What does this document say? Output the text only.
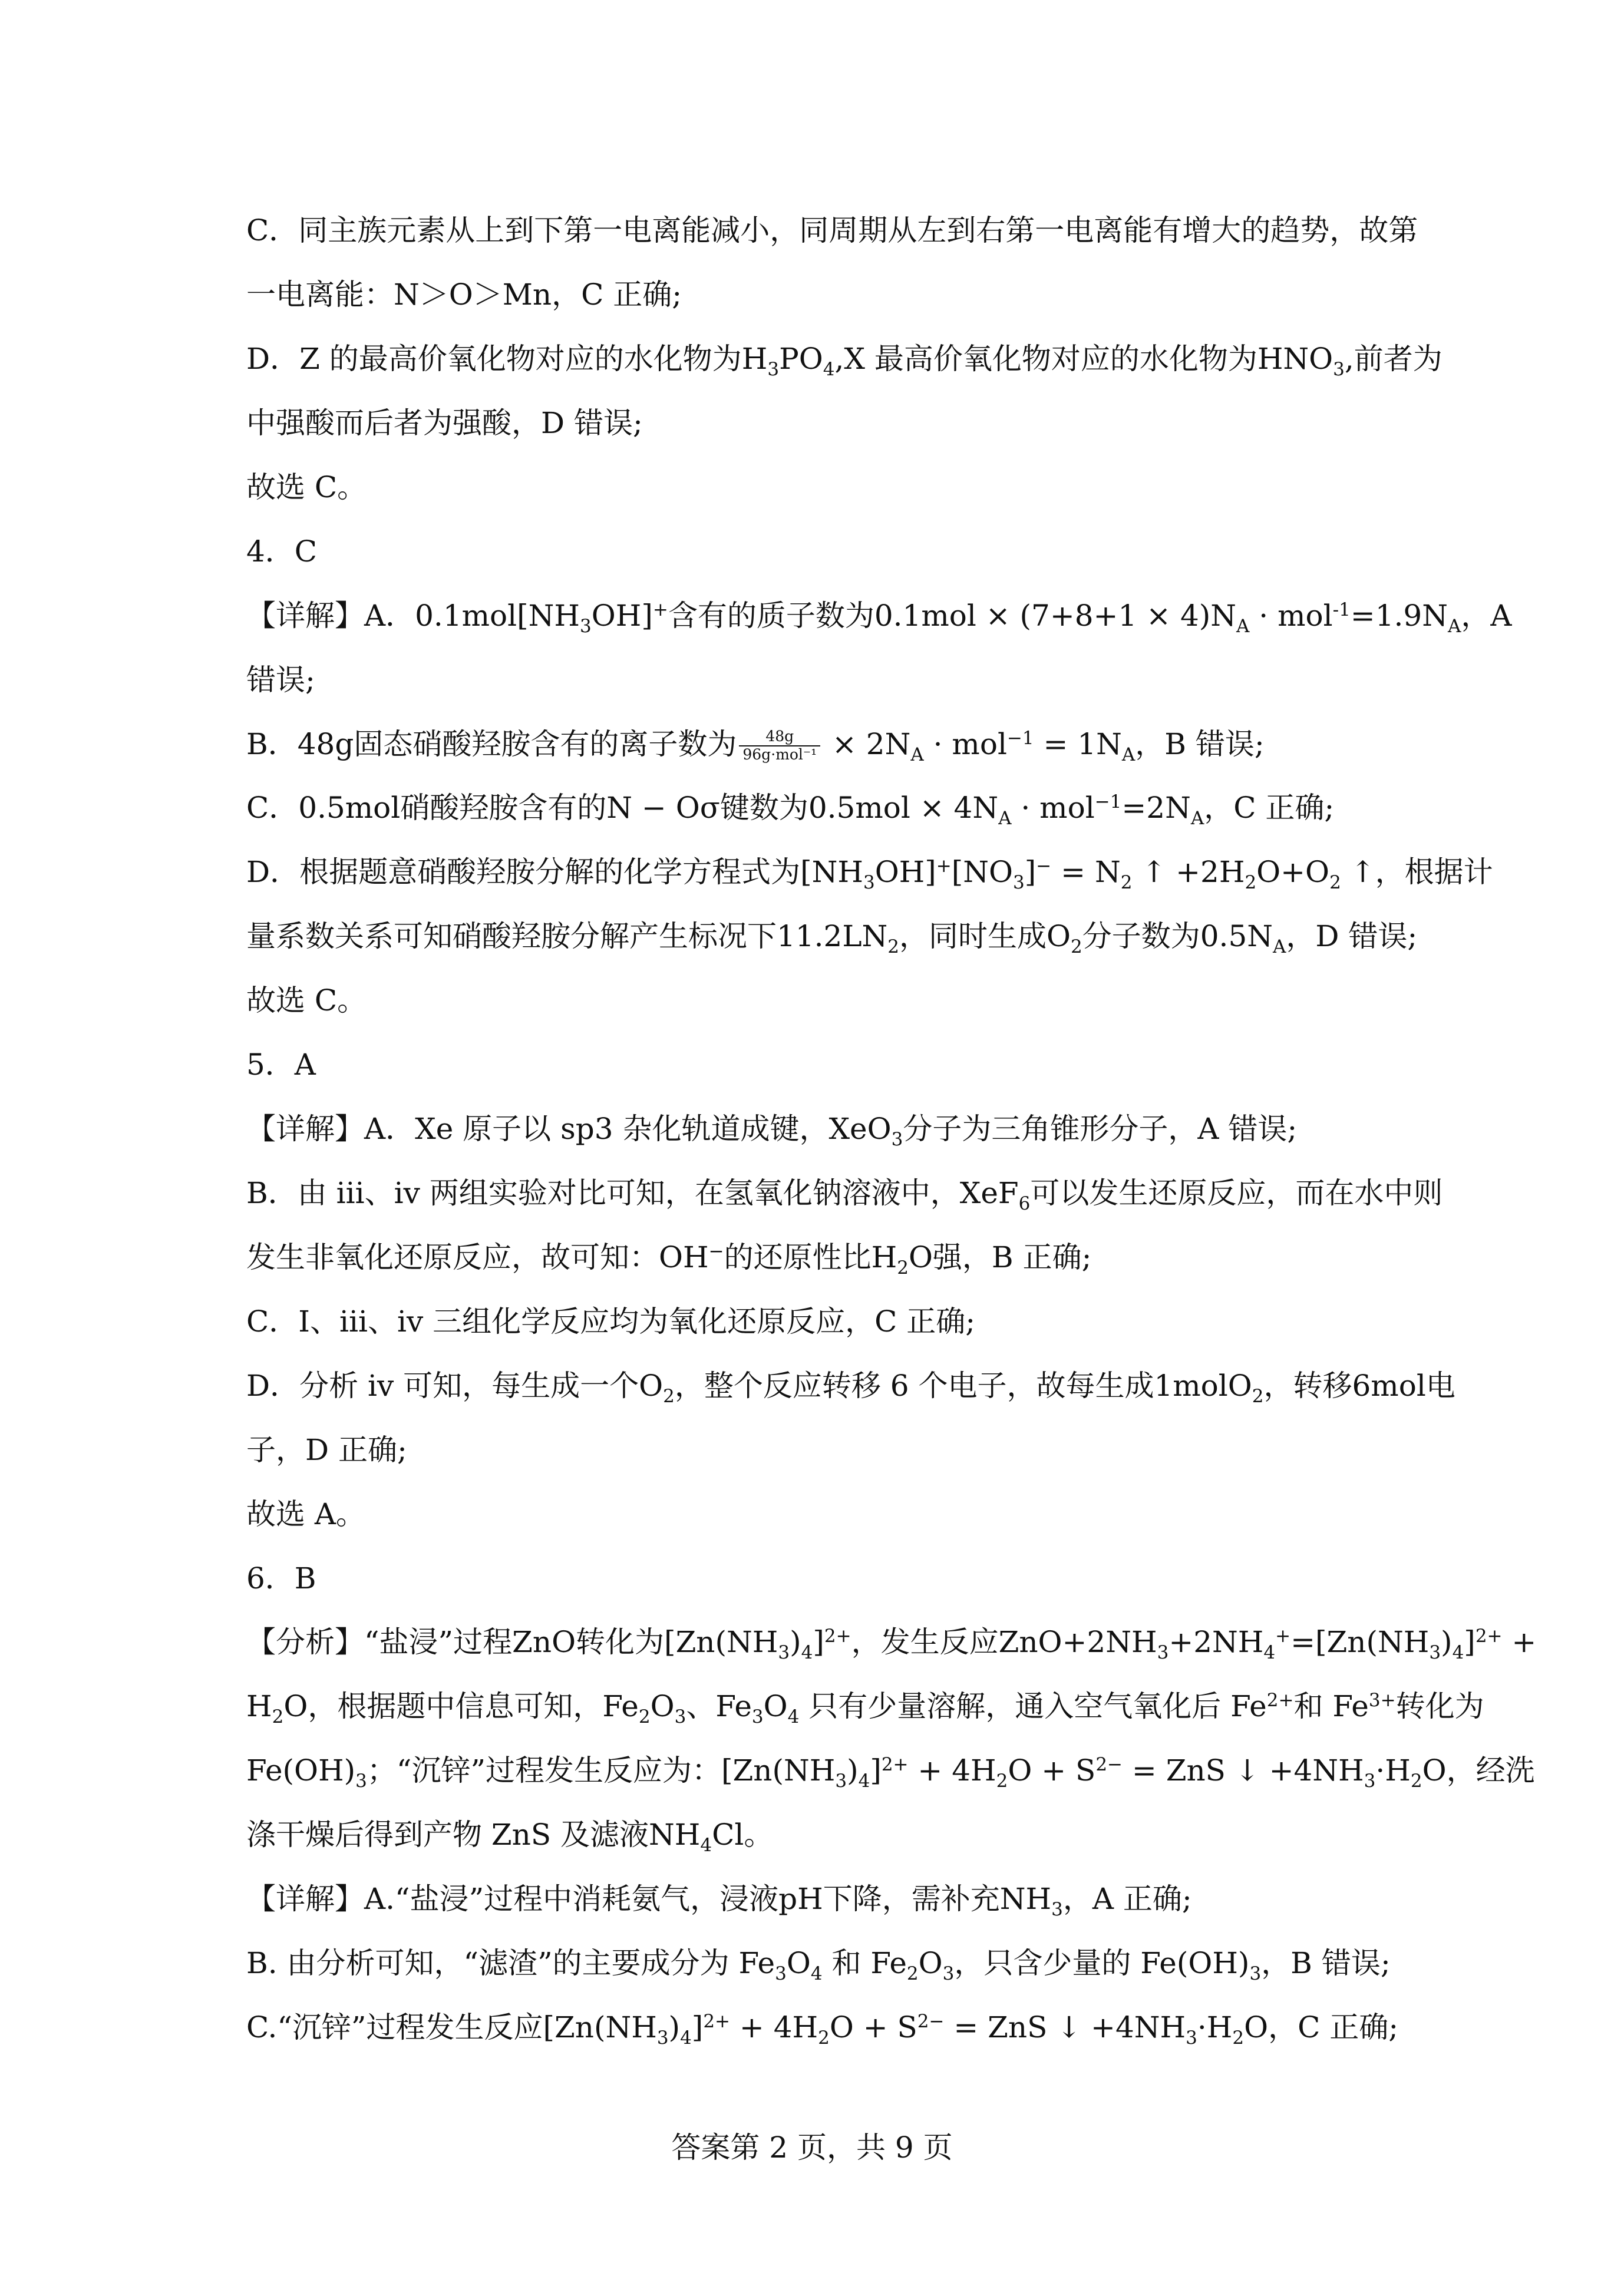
C．同主族元素从上到下第一电离能减小，同周期从左到右第一电离能有增大的趋势，故第
一电离能：N＞O＞Mn，C 正确;
D．Z 的最高价氧化物对应的水化物为$H_3PO_4,X$ 最高价氧化物对应的水化物为$HNO_3$,前者为
中强酸而后者为强酸，D 错误;
故选 C。
4．C
【详解】A．$0.1mol[NH_3OH]^+$含有的质子数为$0.1mol \times (7+8+1 \times 4)N_A \cdot mol^{-1}=1.9N_A$，A
错误;
B．48g固态硝酸羟胺含有的离子数为 $\frac{48g}{\text{96g·mol⁻¹}} \times 2N_A \cdot mol^{-1} = 1N_A$，B 错误;
C．0.5mol硝酸羟胺含有的N − Oσ键数为$0.5mol \times 4N_A \cdot mol^{-1}=2N_A$，C 正确;
D．根据题意硝酸羟胺分解的化学方程式为$[NH_3OH]^+[NO_3]^- = N_2$ ↑ $+2H_2O+O_2$ ↑，根据计
量系数关系可知硝酸羟胺分解产生标况下$11.2LN_2$，同时生成$O_2$分子数为$0.5N_A$，D 错误;
故选 C。
5．A
【详解】A．Xe 原子以 sp3 杂化轨道成键，XeO$_3$分子为三角锥形分子，A 错误;
B．由 iii、iv 两组实验对比可知，在氢氧化钠溶液中，XeF$_6$可以发生还原反应，而在水中则
发生非氧化还原反应，故可知：OH−的还原性比$H_2O$强，B 正确;
C．I、iii、iv 三组化学反应均为氧化还原反应，C 正确;
D．分析 iv 可知，每生成一个$O_2$，整个反应转移 6 个电子，故每生成1molO$_2$，转移6mol电
子，D 正确;
故选 A。
6．B
【分析】“盐浸”过程ZnO转化为$[Zn(NH_3)_4]^{2+}$，发生反应$ZnO+2NH_3+2NH_4^+=[Zn(NH_3)_4]^{2+}$ +
$H_2O$，根据题中信息可知，$Fe_2O_3$、$Fe_3O_4$ 只有少量溶解，通入空气氧化后 $Fe^{2+}$和 $Fe^{3+}$转化为
$Fe(OH)_3$；“沉锌”过程发生反应为：$[Zn(NH_3)_4]^{2+} + 4H_2O + S^{2-}$ = ZnS ↓ $+4NH_3\cdot H_2O$，经洗
涤干燥后得到产物 ZnS 及滤液$NH_4Cl$。
【详解】A.“盐浸”过程中消耗氨气，浸液pH下降，需补充$NH_3$，A 正确;
B. 由分析可知，“滤渣”的主要成分为 $Fe_3O_4$ 和 $Fe_2O_3$，只含少量的 $Fe(OH)_3$，B 错误;
C.“沉锌”过程发生反应$[Zn(NH_3)_4]^{2+} + 4H_2O + S^{2-}$ = ZnS ↓ $+4NH_3\cdot H_2O$，C 正确;
答案第 2 页，共 9 页
